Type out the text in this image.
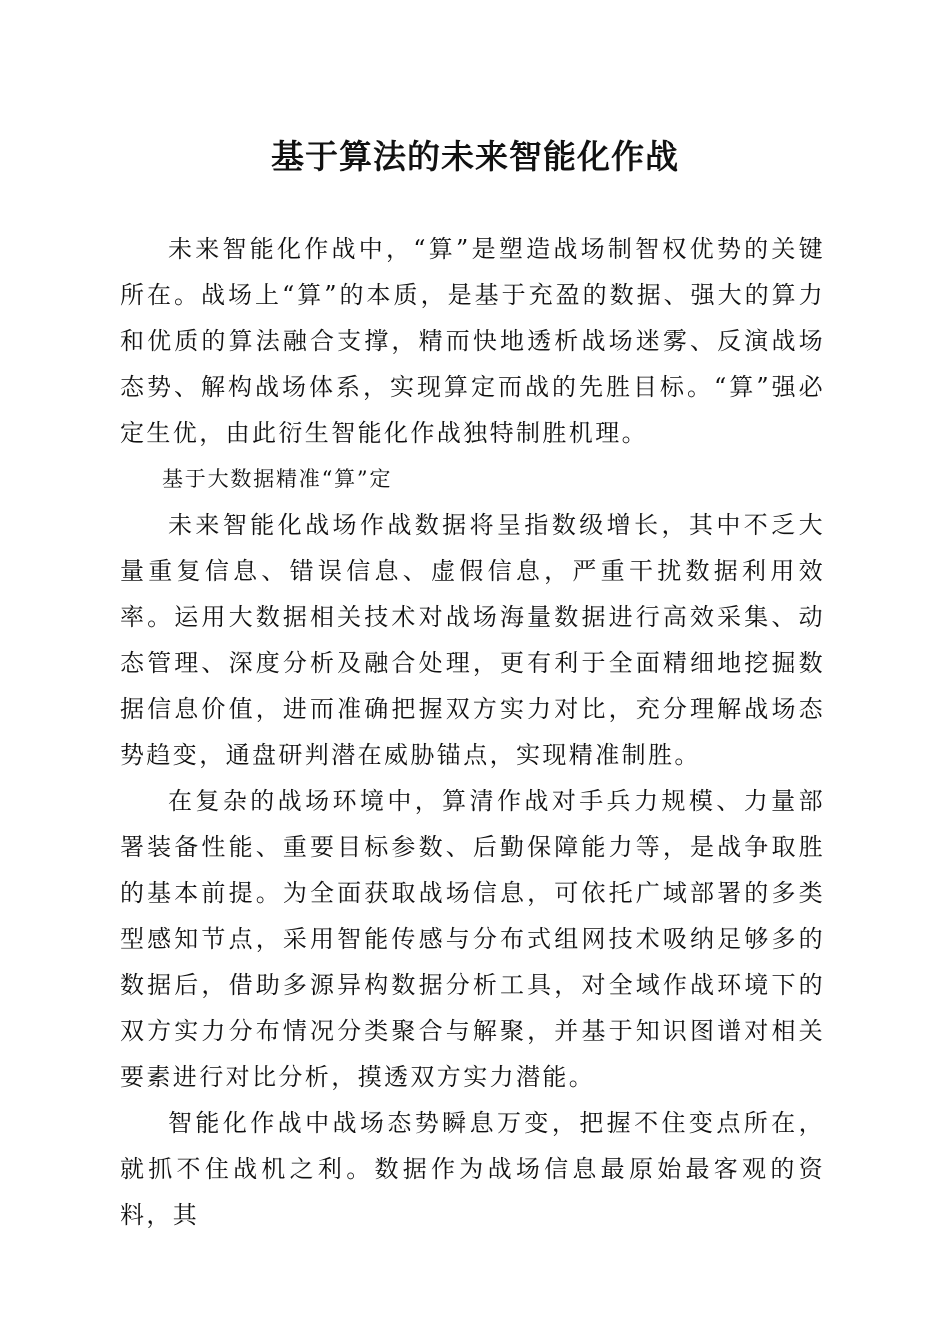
基于算法的未来智能化作战

未来智能化作战中，“算”是塑造战场制智权优势的关键所在。战场上“算”的本质，是基于充盈的数据、强大的算力和优质的算法融合支撑，精而快地透析战场迷雾、反演战场态势、解构战场体系，实现算定而战的先胜目标。“算”强必定生优，由此衍生智能化作战独特制胜机理。

基于大数据精准“算”定

未来智能化战场作战数据将呈指数级增长，其中不乏大量重复信息、错误信息、虚假信息，严重干扰数据利用效率。运用大数据相关技术对战场海量数据进行高效采集、动态管理、深度分析及融合处理，更有利于全面精细地挖掘数据信息价值，进而准确把握双方实力对比，充分理解战场态势趋变，通盘研判潜在威胁锚点，实现精准制胜。

在复杂的战场环境中，算清作战对手兵力规模、力量部署装备性能、重要目标参数、后勤保障能力等，是战争取胜的基本前提。为全面获取战场信息，可依托广域部署的多类型感知节点，采用智能传感与分布式组网技术吸纳足够多的数据后，借助多源异构数据分析工具，对全域作战环境下的双方实力分布情况分类聚合与解聚，并基于知识图谱对相关要素进行对比分析，摸透双方实力潜能。

智能化作战中战场态势瞬息万变，把握不住变点所在，就抓不住战机之利。数据作为战场信息最原始最客观的资料，其
